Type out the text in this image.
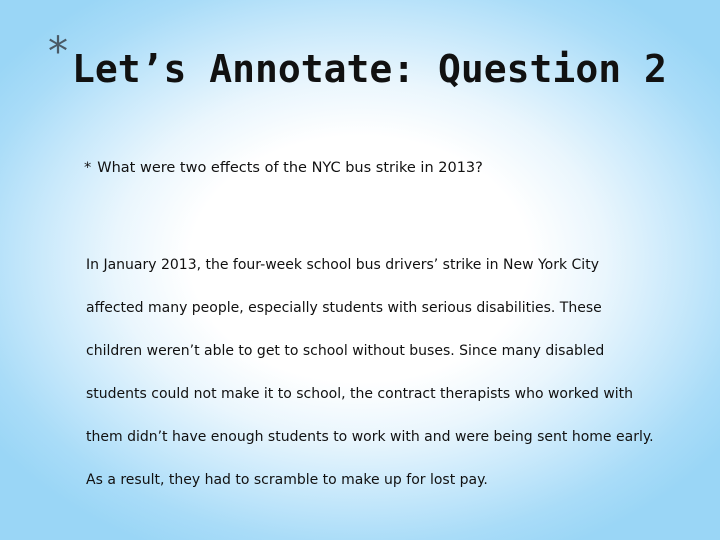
* Let’s Annotate: Question 2
* What were two effects of the NYC bus strike in 2013?
In January 2013, the four-week school bus drivers’ strike in New York City
affected many people, especially students with serious disabilities. These
children weren’t able to get to school without buses. Since many disabled
students could not make it to school, the contract therapists who worked with
them didn’t have enough students to work with and were being sent home early.
As a result, they had to scramble to make up for lost pay.
